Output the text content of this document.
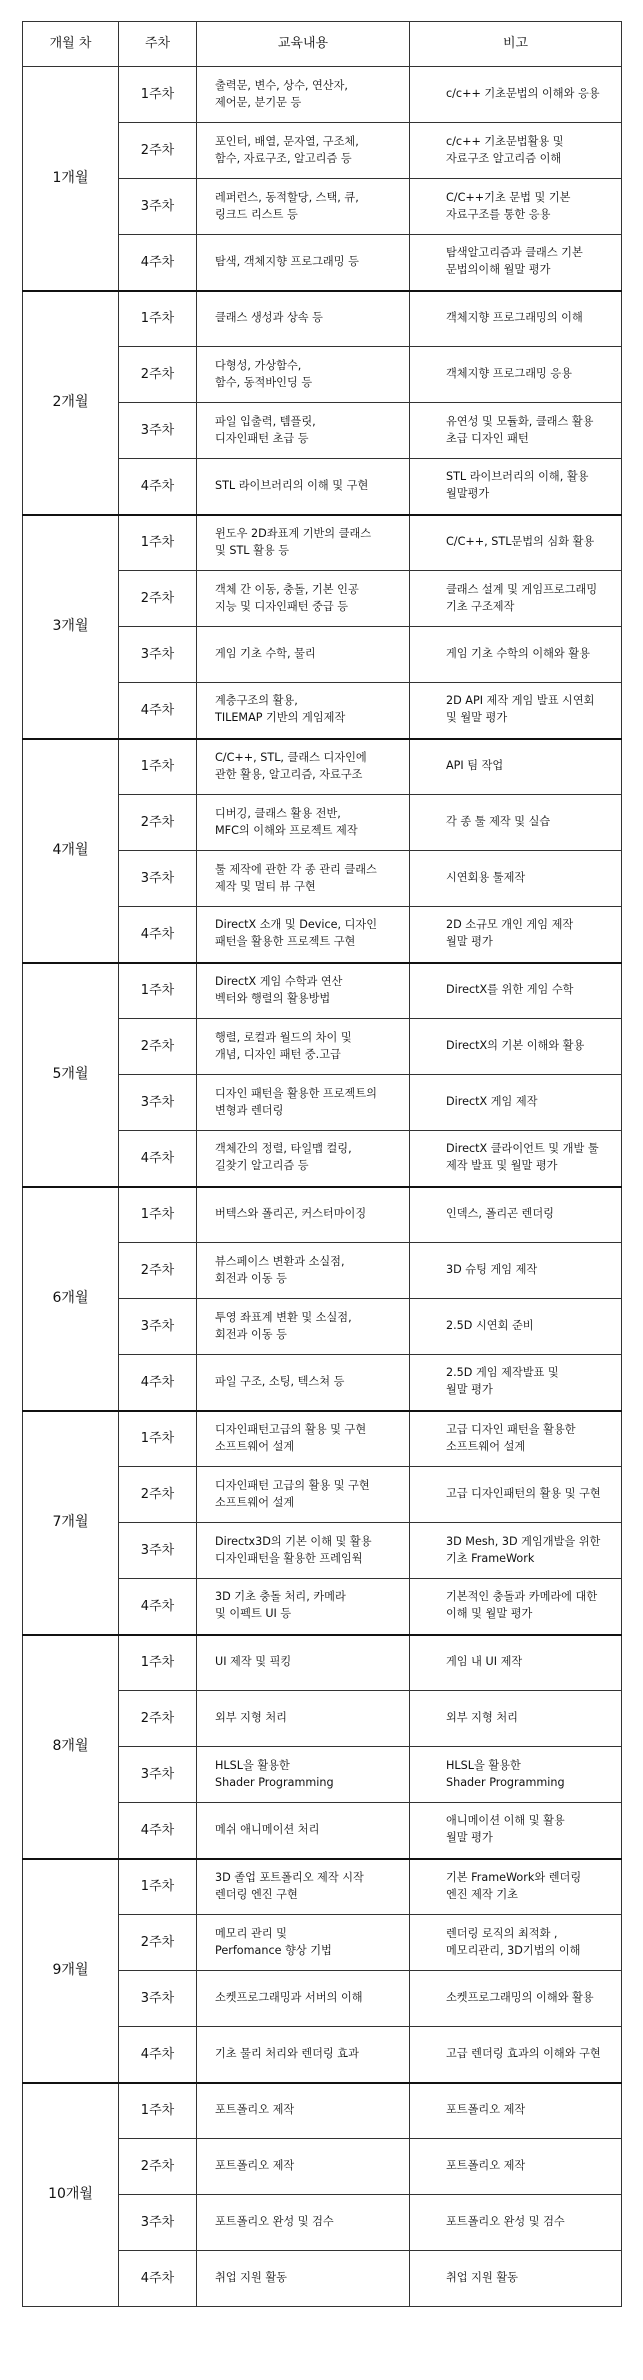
개월 차	주차	교육내용	비고
1개월	1주차	출력문, 변수, 상수, 연산자,
제어문, 분기문 등	c/c++ 기초문법의 이해와 응용
	2주차	포인터, 배열, 문자열, 구조체,
함수, 자료구조, 알고리즘 등	c/c++ 기초문법활용 및
자료구조 알고리즘 이해
	3주차	레퍼런스, 동적할당, 스택, 큐,
링크드 리스트 등	C/C++기초 문법 및 기본
자료구조를 통한 응용
	4주차	탐색, 객체지향 프로그래밍 등	탐색알고리즘과 클래스 기본
문법의이해 월말 평가
2개월	1주차	클래스 생성과 상속 등	객체지향 프로그래밍의 이해
	2주차	다형성, 가상함수,
함수, 동적바인딩 등	객체지향 프로그래밍 응용
	3주차	파일 입출력, 템플릿,
디자인패턴 초급 등	유연성 및 모듈화, 클래스 활용
초급 디자인 패턴
	4주차	STL 라이브러리의 이해 및 구현	STL 라이브러리의 이해, 활용
월말평가
3개월	1주차	윈도우 2D좌표계 기반의 클래스
및 STL 활용 등	C/C++, STL문법의 심화 활용
	2주차	객체 간 이동, 충돌, 기본 인공
지능 및 디자인패턴 중급 등	클래스 설계 및 게임프로그래밍
기초 구조제작
	3주차	게임 기초 수학, 물리	게임 기초 수학의 이해와 활용
	4주차	계층구조의 활용,
TILEMAP 기반의 게임제작	2D API 제작 게임 발표 시연회
및 월말 평가
4개월	1주차	C/C++, STL, 클래스 디자인에
관한 활용, 알고리즘, 자료구조	API 팀 작업
	2주차	디버깅, 클래스 활용 전반,
MFC의 이해와 프로젝트 제작	각 종 툴 제작 및 실습
	3주차	툴 제작에 관한 각 종 관리 클래스
제작 및 멀티 뷰 구현	시연회용 툴제작
	4주차	DirectX 소개 및 Device, 디자인
패턴을 활용한 프로젝트 구현	2D 소규모 개인 게임 제작
월말 평가
5개월	1주차	DirectX 게임 수학과 연산
벡터와 행렬의 활용방법	DirectX를 위한 게임 수학
	2주차	행렬, 로컬과 월드의 차이 및
개념, 디자인 패턴 중.고급	DirectX의 기본 이해와 활용
	3주차	디자인 패턴을 활용한 프로젝트의
변형과 렌더링	DirectX 게임 제작
	4주차	객체간의 정렬, 타일맵 컬링,
길찾기 알고리즘 등	DirectX 클라이언트 및 개발 툴
제작 발표 및 월말 평가
6개월	1주차	버텍스와 폴리곤, 커스터마이징	인덱스, 폴리곤 렌더링
	2주차	뷰스페이스 변환과 소실점,
회전과 이동 등	3D 슈팅 게임 제작
	3주차	투영 좌표계 변환 및 소실점,
회전과 이동 등	2.5D 시연회 준비
	4주차	파일 구조, 소팅, 텍스쳐 등	2.5D 게임 제작발표 및
월말 평가
7개월	1주차	디자인패턴고급의 활용 및 구현
소프트웨어 설계	고급 디자인 패턴을 활용한
소프트웨어 설계
	2주차	디자인패턴 고급의 활용 및 구현
소프트웨어 설계	고급 디자인패턴의 활용 및 구현
	3주차	Directx3D의 기본 이해 및 활용
디자인패턴을 활용한 프레임웍	3D Mesh, 3D 게임개발을 위한
기초 FrameWork
	4주차	3D 기초 충돌 처리, 카메라
및 이펙트 UI 등	기본적인 충돌과 카메라에 대한
이해 및 월말 평가
8개월	1주차	UI 제작 및 픽킹	게임 내 UI 제작
	2주차	외부 지형 처리	외부 지형 처리
	3주차	HLSL을 활용한
Shader Programming	HLSL을 활용한
Shader Programming
	4주차	메쉬 애니메이션 처리	애니메이션 이해 및 활용
월말 평가
9개월	1주차	3D 졸업 포트폴리오 제작 시작
렌더링 엔진 구현	기본 FrameWork와 렌더링
엔진 제작 기초
	2주차	메모리 관리 및
Perfomance 향상 기법	렌더링 로직의 최적화 ,
메모리관리, 3D기법의 이해
	3주차	소켓프로그래밍과 서버의 이해	소켓프로그래밍의 이해와 활용
	4주차	기초 물리 처리와 렌더링 효과	고급 렌더링 효과의 이해와 구현
10개월	1주차	포트폴리오 제작	포트폴리오 제작
	2주차	포트폴리오 제작	포트폴리오 제작
	3주차	포트폴리오 완성 및 검수	포트폴리오 완성 및 검수
	4주차	취업 지원 활동	취업 지원 활동
